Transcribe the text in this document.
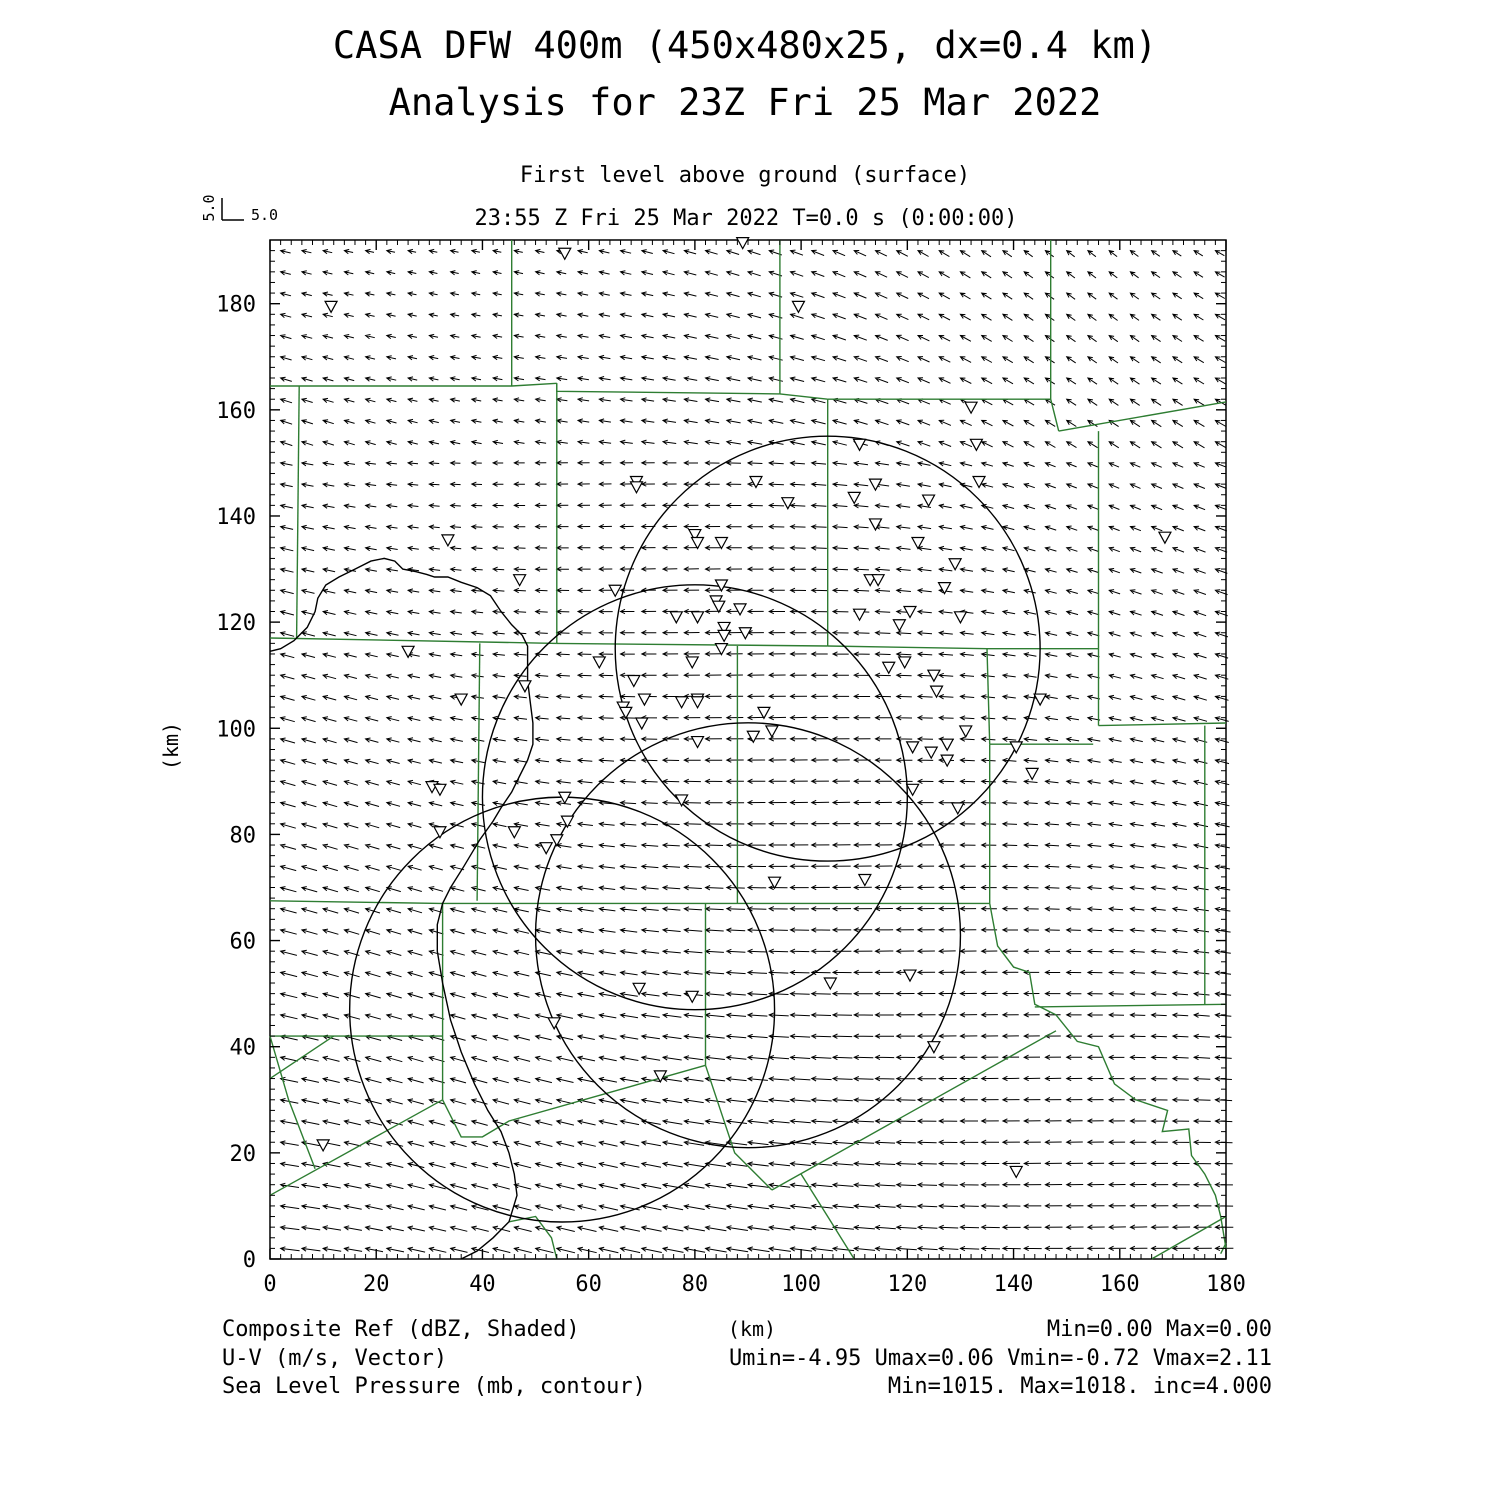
CASA DFW 400m (450x480x25, dx=0.4 km)
Analysis for 23Z Fri 25 Mar 2022
First level above ground (surface)
23:55 Z Fri 25 Mar 2022 T=0.0 s (0:00:00)
5.0 5.0
0	20	40	60	80	100	120	140	160	180
0
20
40
60
80
100
120
140
160
180
(km)
(km)
Composite Ref (dBZ, Shaded)	Min=0.00 Max=0.00
U-V (m/s, Vector)	Umin=-4.95 Umax=0.06 Vmin=-0.72 Vmax=2.11
Sea Level Pressure (mb, contour)	Min=1015. Max=1018. inc=4.000
